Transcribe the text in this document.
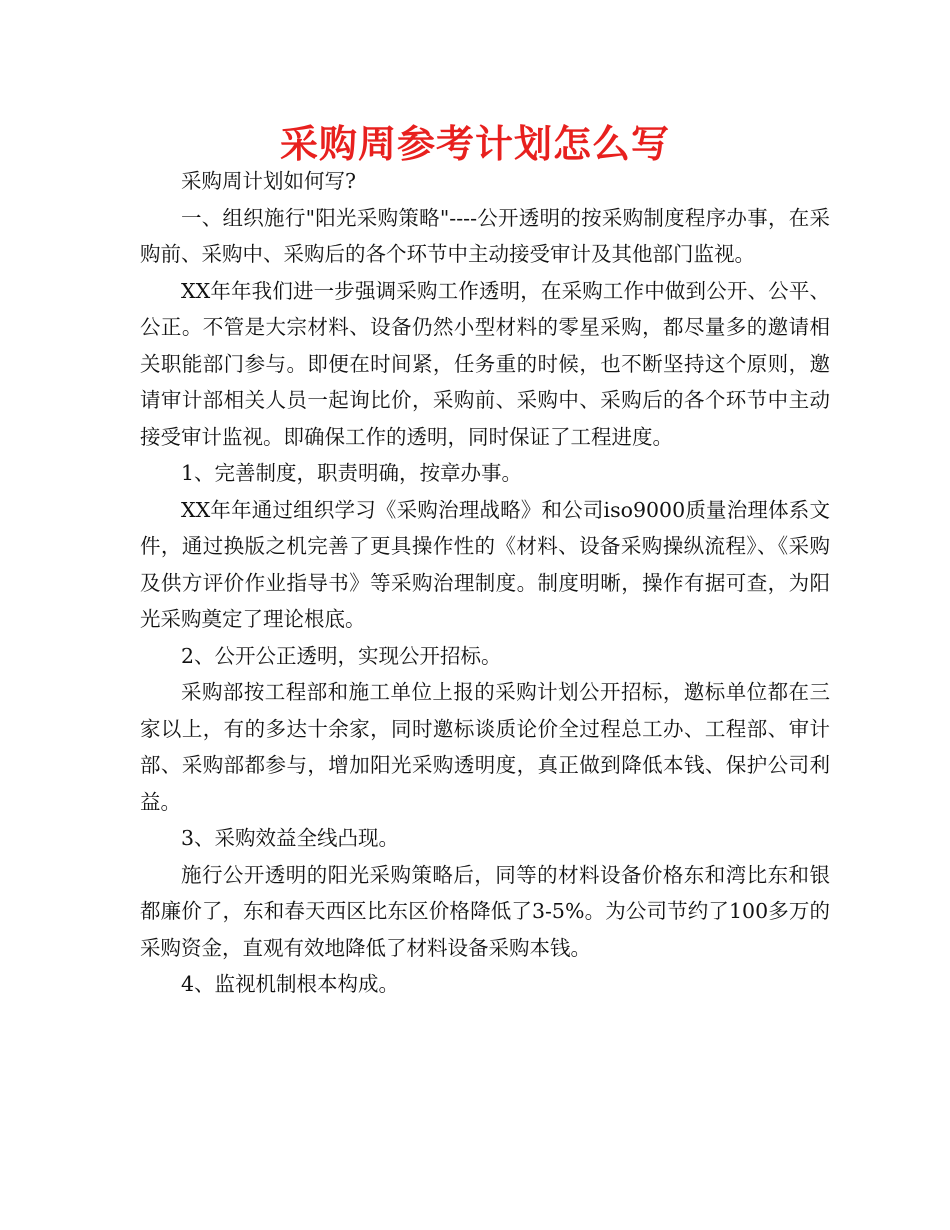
采购周参考计划怎么写

采购周计划如何写?

一、组织施行"阳光采购策略"----公开透明的按采购制度程序办事，在采购前、采购中、采购后的各个环节中主动接受审计及其他部门监视。

XX年年我们进一步强调采购工作透明，在采购工作中做到公开、公平、公正。不管是大宗材料、设备仍然小型材料的零星采购，都尽量多的邀请相关职能部门参与。即便在时间紧，任务重的时候，也不断坚持这个原则，邀请审计部相关人员一起询比价，采购前、采购中、采购后的各个环节中主动接受审计监视。即确保工作的透明，同时保证了工程进度。

1、完善制度，职责明确，按章办事。

XX年年通过组织学习《采购治理战略》和公司iso9000质量治理体系文件，通过换版之机完善了更具操作性的《材料、设备采购操纵流程》、《采购及供方评价作业指导书》等采购治理制度。制度明晰，操作有据可查，为阳光采购奠定了理论根底。

2、公开公正透明，实现公开招标。

采购部按工程部和施工单位上报的采购计划公开招标，邀标单位都在三家以上，有的多达十余家，同时邀标谈质论价全过程总工办、工程部、审计部、采购部都参与，增加阳光采购透明度，真正做到降低本钱、保护公司利益。

3、采购效益全线凸现。

施行公开透明的阳光采购策略后，同等的材料设备价格东和湾比东和银都廉价了，东和春天西区比东区价格降低了3-5%。为公司节约了100多万的采购资金，直观有效地降低了材料设备采购本钱。

4、监视机制根本构成。
